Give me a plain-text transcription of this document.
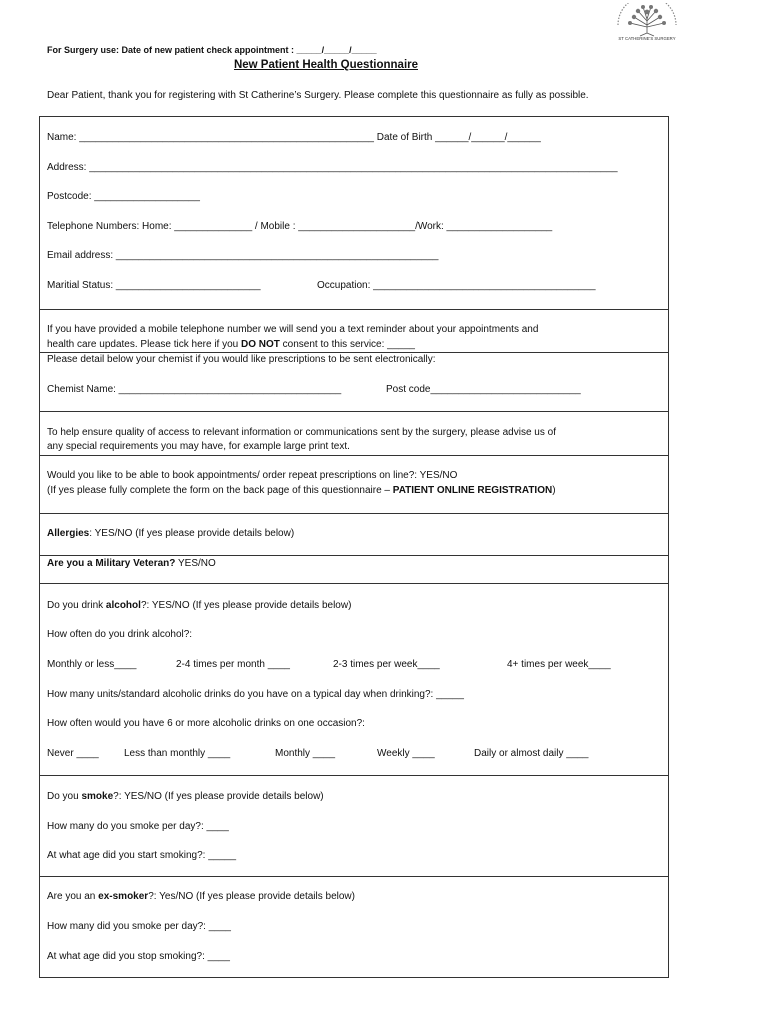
ST CATHERINE'S SURGERY
For Surgery use: Date of new patient check appointment : _____/_____/_____
New Patient Health Questionnaire
Dear Patient, thank you for registering with St Catherine’s Surgery. Please complete this questionnaire as fully as possible.
Name: _____________________________________________________ Date of Birth ______/______/______
Address: _______________________________________________________________________________________________
Postcode: ___________________
Telephone Numbers: Home: ______________ / Mobile : _____________________/Work: ___________________
Email address: __________________________________________________________
Maritial Status: __________________________	Occupation: ________________________________________
If you have provided a mobile telephone number we will send you a text reminder about your appointments and
health care updates. Please tick here if you DO NOT consent to this service: _____
Please detail below your chemist if you would like prescriptions to be sent electronically:
Chemist Name: ________________________________________	Post code___________________________
To help ensure quality of access to relevant information or communications sent by the surgery, please advise us of
any special requirements you may have, for example large print text.
Would you like to be able to book appointments/ order repeat prescriptions on line?: YES/NO
(If yes please fully complete the form on the back page of this questionnaire – PATIENT ONLINE REGISTRATION)
Allergies: YES/NO (If yes please provide details below)
Are you a Military Veteran? YES/NO
Do you drink alcohol?: YES/NO (If yes please provide details below)
How often do you drink alcohol?:
Monthly or less____	2-4 times per month ____	2-3 times per week____	4+ times per week____
How many units/standard alcoholic drinks do you have on a typical day when drinking?: _____
How often would you have 6 or more alcoholic drinks on one occasion?:
Never ____	Less than monthly ____	Monthly ____	Weekly ____	Daily or almost daily ____
Do you smoke?: YES/NO (If yes please provide details below)
How many do you smoke per day?: ____
At what age did you start smoking?: _____
Are you an ex-smoker?: Yes/NO (If yes please provide details below)
How many did you smoke per day?: ____
At what age did you stop smoking?: ____
